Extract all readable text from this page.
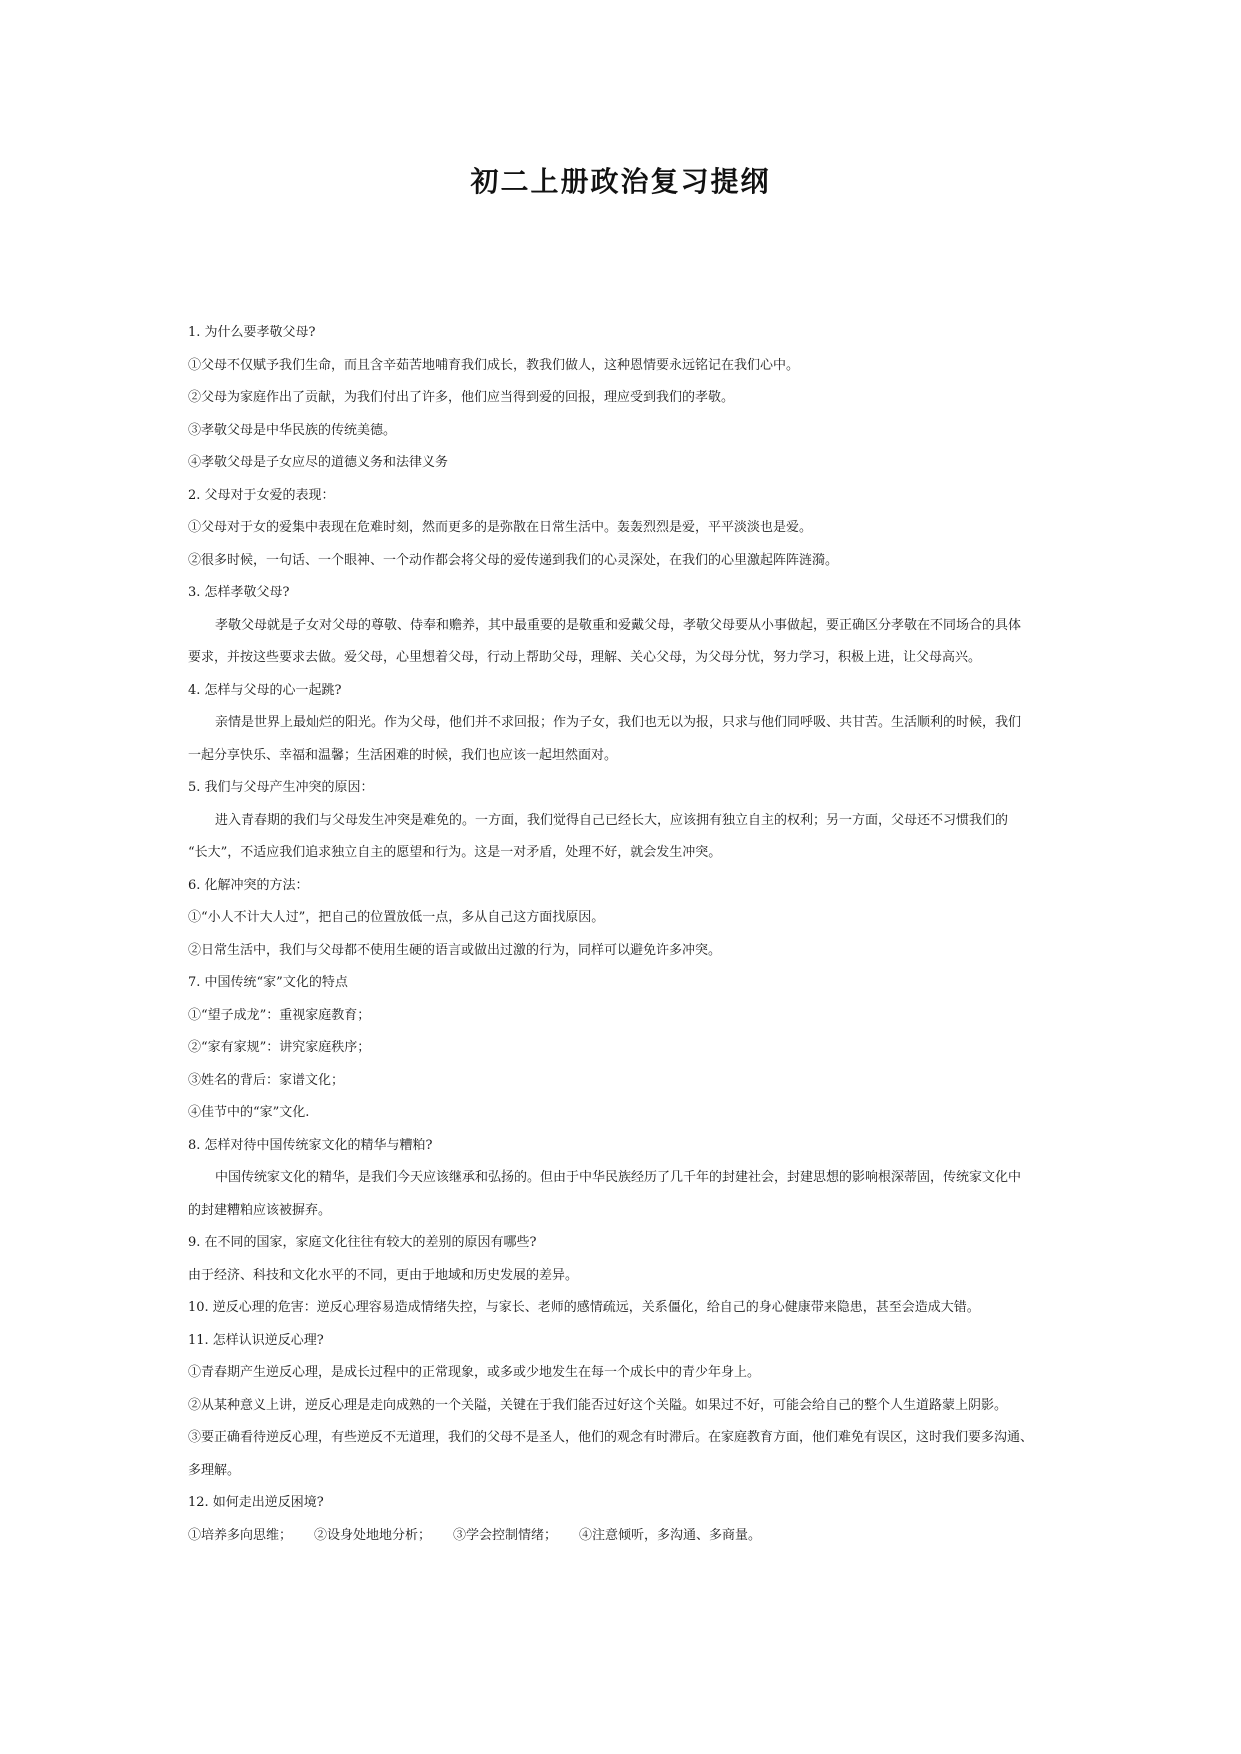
初二上册政治复习提纲

1. 为什么要孝敬父母?

①父母不仅赋予我们生命，而且含辛茹苦地哺育我们成长，教我们做人，这种恩情要永远铭记在我们心中。

②父母为家庭作出了贡献，为我们付出了许多，他们应当得到爱的回报，理应受到我们的孝敬。

③孝敬父母是中华民族的传统美德。

④孝敬父母是子女应尽的道德义务和法律义务

2. 父母对于女爱的表现：

①父母对于女的爱集中表现在危难时刻，然而更多的是弥散在日常生活中。轰轰烈烈是爱，平平淡淡也是爱。

②很多时候，一句话、一个眼神、一个动作都会将父母的爱传递到我们的心灵深处，在我们的心里激起阵阵涟漪。

3. 怎样孝敬父母?

孝敬父母就是子女对父母的尊敬、侍奉和赡养，其中最重要的是敬重和爱戴父母，孝敬父母要从小事做起，要正确区分孝敬在不同场合的具体

要求，并按这些要求去做。爱父母，心里想着父母，行动上帮助父母，理解、关心父母，为父母分忧，努力学习，积极上进，让父母高兴。

4. 怎样与父母的心一起跳?

亲情是世界上最灿烂的阳光。作为父母，他们并不求回报；作为子女，我们也无以为报，只求与他们同呼吸、共甘苦。生活顺利的时候，我们

一起分享快乐、幸福和温馨；生活困难的时候，我们也应该一起坦然面对。

5. 我们与父母产生冲突的原因：

进入青春期的我们与父母发生冲突是难免的。一方面，我们觉得自己已经长大，应该拥有独立自主的权利；另一方面，父母还不习惯我们的

“长大”，不适应我们追求独立自主的愿望和行为。这是一对矛盾，处理不好，就会发生冲突。

6. 化解冲突的方法：

①“小人不计大人过”，把自己的位置放低一点，多从自己这方面找原因。

②日常生活中，我们与父母都不使用生硬的语言或做出过激的行为，同样可以避免许多冲突。

7. 中国传统“家”文化的特点

①“望子成龙”：重视家庭教育；

②“家有家规”：讲究家庭秩序；

③姓名的背后：家谱文化；

④佳节中的“家”文化.

8. 怎样对待中国传统家文化的精华与糟粕?

中国传统家文化的精华，是我们今天应该继承和弘扬的。但由于中华民族经历了几千年的封建社会，封建思想的影响根深蒂固，传统家文化中

的封建糟粕应该被摒弃。

9. 在不同的国家，家庭文化往往有较大的差别的原因有哪些?

由于经济、科技和文化水平的不同，更由于地域和历史发展的差异。

10. 逆反心理的危害：逆反心理容易造成情绪失控，与家长、老师的感情疏远，关系僵化，给自己的身心健康带来隐患，甚至会造成大错。

11. 怎样认识逆反心理?

①青春期产生逆反心理，是成长过程中的正常现象，或多或少地发生在每一个成长中的青少年身上。

②从某种意义上讲，逆反心理是走向成熟的一个关隘，关键在于我们能否过好这个关隘。如果过不好，可能会给自己的整个人生道路蒙上阴影。

③要正确看待逆反心理，有些逆反不无道理，我们的父母不是圣人，他们的观念有时滞后。在家庭教育方面，他们难免有误区，这时我们要多沟通、

多理解。

12. 如何走出逆反困境?

①培养多向思维； ②设身处地地分析； ③学会控制情绪； ④注意倾听，多沟通、多商量。
